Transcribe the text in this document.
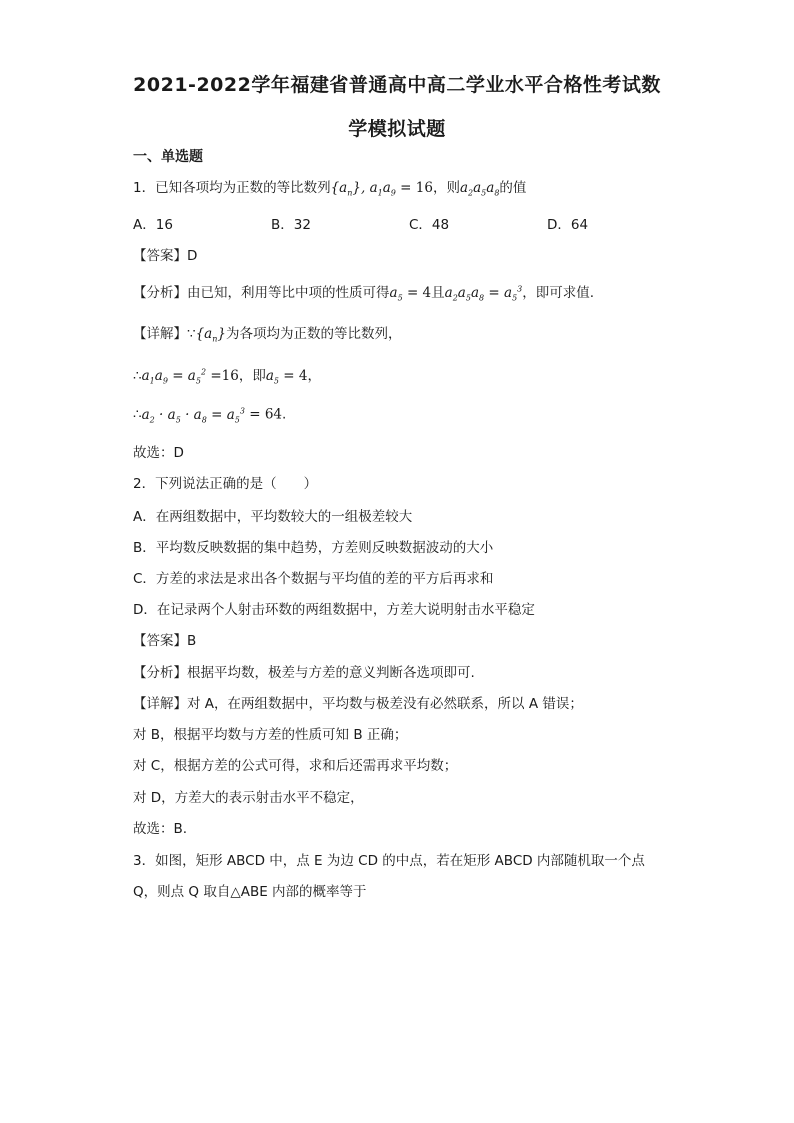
2021-2022学年福建省普通高中高二学业水平合格性考试数
学模拟试题
一、单选题
1．已知各项均为正数的等比数列$\{a_n\}$, $a_1a_9 = 16$，则$a_2a_5a_8$的值
A．16	B．32	C．48	D．64
【答案】D
【分析】由已知，利用等比中项的性质可得$a_5 = 4$且$a_2a_5a_8 = a_5^3$，即可求值.
【详解】$\because\{a_n\}$为各项均为正数的等比数列，
$\therefore a_1a_9 = a_5^2 =16$，即$a_5 = 4$，
$\therefore a_2 \cdot a_5 \cdot a_8 = a_5^3 = 64$.
故选：D
2．下列说法正确的是（　　）
A．在两组数据中，平均数较大的一组极差较大
B．平均数反映数据的集中趋势，方差则反映数据波动的大小
C．方差的求法是求出各个数据与平均值的差的平方后再求和
D．在记录两个人射击环数的两组数据中，方差大说明射击水平稳定
【答案】B
【分析】根据平均数，极差与方差的意义判断各选项即可.
【详解】对 A，在两组数据中，平均数与极差没有必然联系，所以 A 错误；
对 B，根据平均数与方差的性质可知 B 正确；
对 C，根据方差的公式可得，求和后还需再求平均数；
对 D，方差大的表示射击水平不稳定，
故选：B.
3．如图，矩形 ABCD 中，点 E 为边 CD 的中点，若在矩形 ABCD 内部随机取一个点
Q，则点 Q 取自△ABE 内部的概率等于
